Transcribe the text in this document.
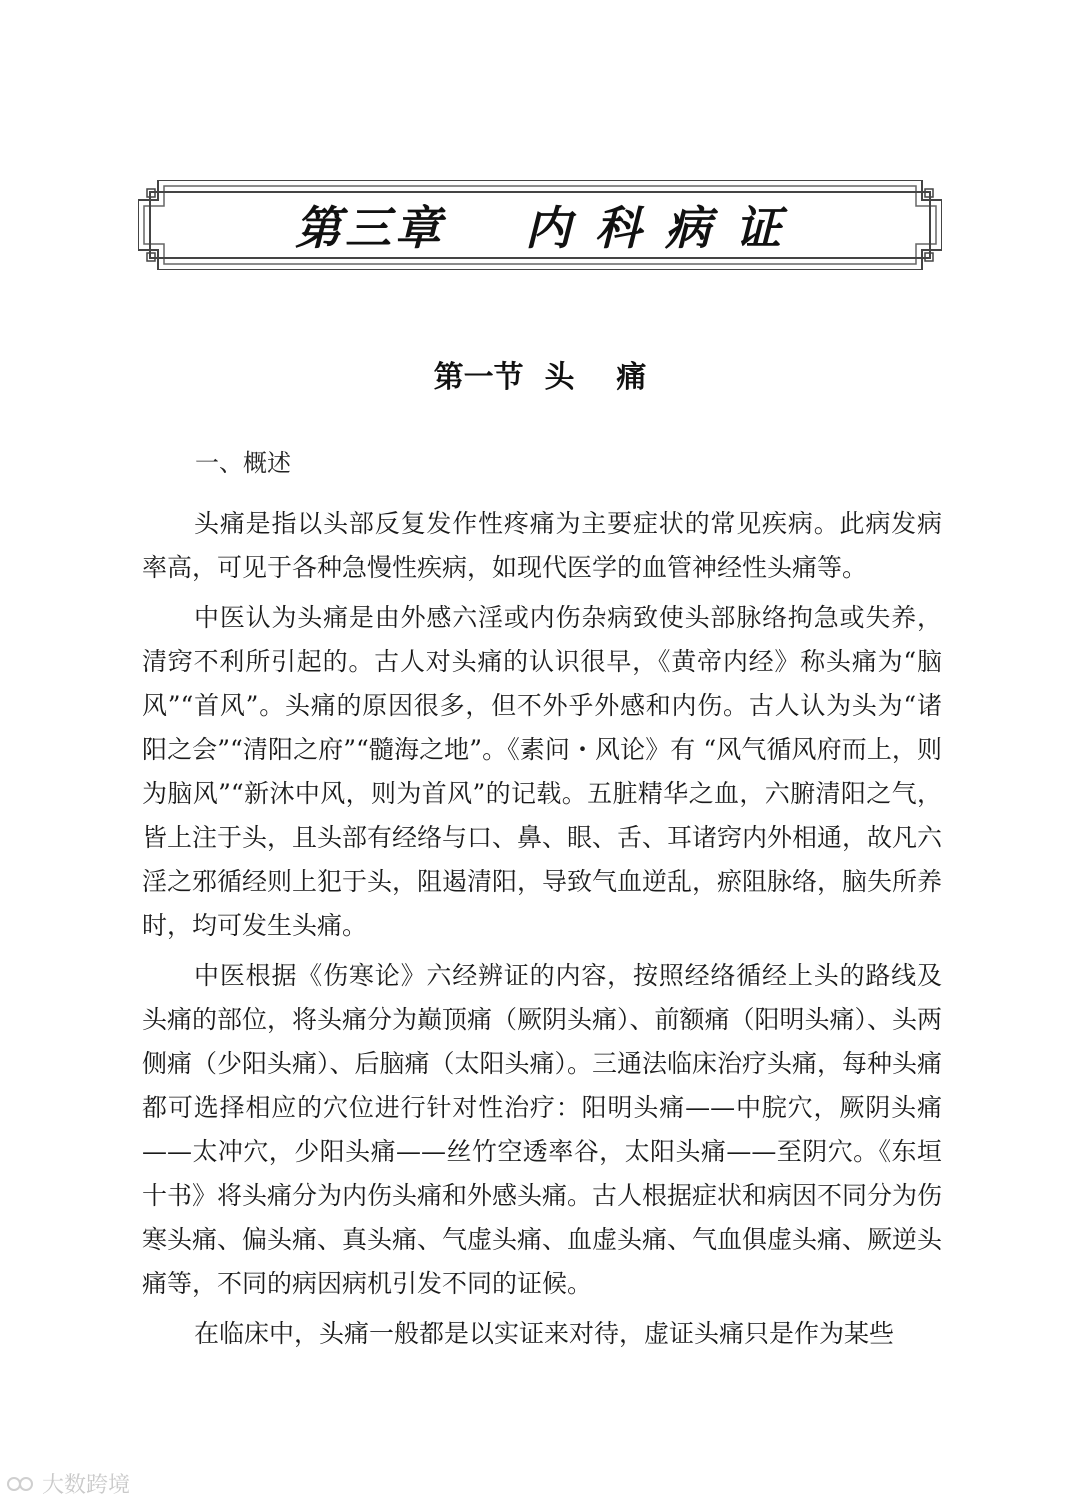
第三章    内 科 病 证
第一节  头    痛
一、概述

头痛是指以头部反复发作性疼痛为主要症状的常见疾病。此病发病率高，可见于各种急慢性疾病，如现代医学的血管神经性头痛等。

中医认为头痛是由外感六淫或内伤杂病致使头部脉络拘急或失养，清窍不利所引起的。古人对头痛的认识很早，《黄帝内经》称头痛为“脑风”“首风”。头痛的原因很多，但不外乎外感和内伤。古人认为头为“诸阳之会”“清阳之府”“髓海之地”。《素问・风论》有 “风气循风府而上，则为脑风”“新沐中风，则为首风”的记载。五脏精华之血，六腑清阳之气，皆上注于头，且头部有经络与口、鼻、眼、舌、耳诸窍内外相通，故凡六淫之邪循经则上犯于头，阻遏清阳，导致气血逆乱，瘀阻脉络，脑失所养时，均可发生头痛。

中医根据《伤寒论》六经辨证的内容，按照经络循经上头的路线及头痛的部位，将头痛分为巅顶痛（厥阴头痛）、前额痛（阳明头痛）、头两侧痛（少阳头痛）、后脑痛（太阳头痛）。三通法临床治疗头痛，每种头痛都可选择相应的穴位进行针对性治疗：阳明头痛——中脘穴，厥阴头痛——太冲穴，少阳头痛——丝竹空透率谷，太阳头痛——至阴穴。《东垣十书》将头痛分为内伤头痛和外感头痛。古人根据症状和病因不同分为伤寒头痛、偏头痛、真头痛、气虚头痛、血虚头痛、气血俱虚头痛、厥逆头痛等，不同的病因病机引发不同的证候。

在临床中，头痛一般都是以实证来对待，虚证头痛只是作为某些

大数跨境
